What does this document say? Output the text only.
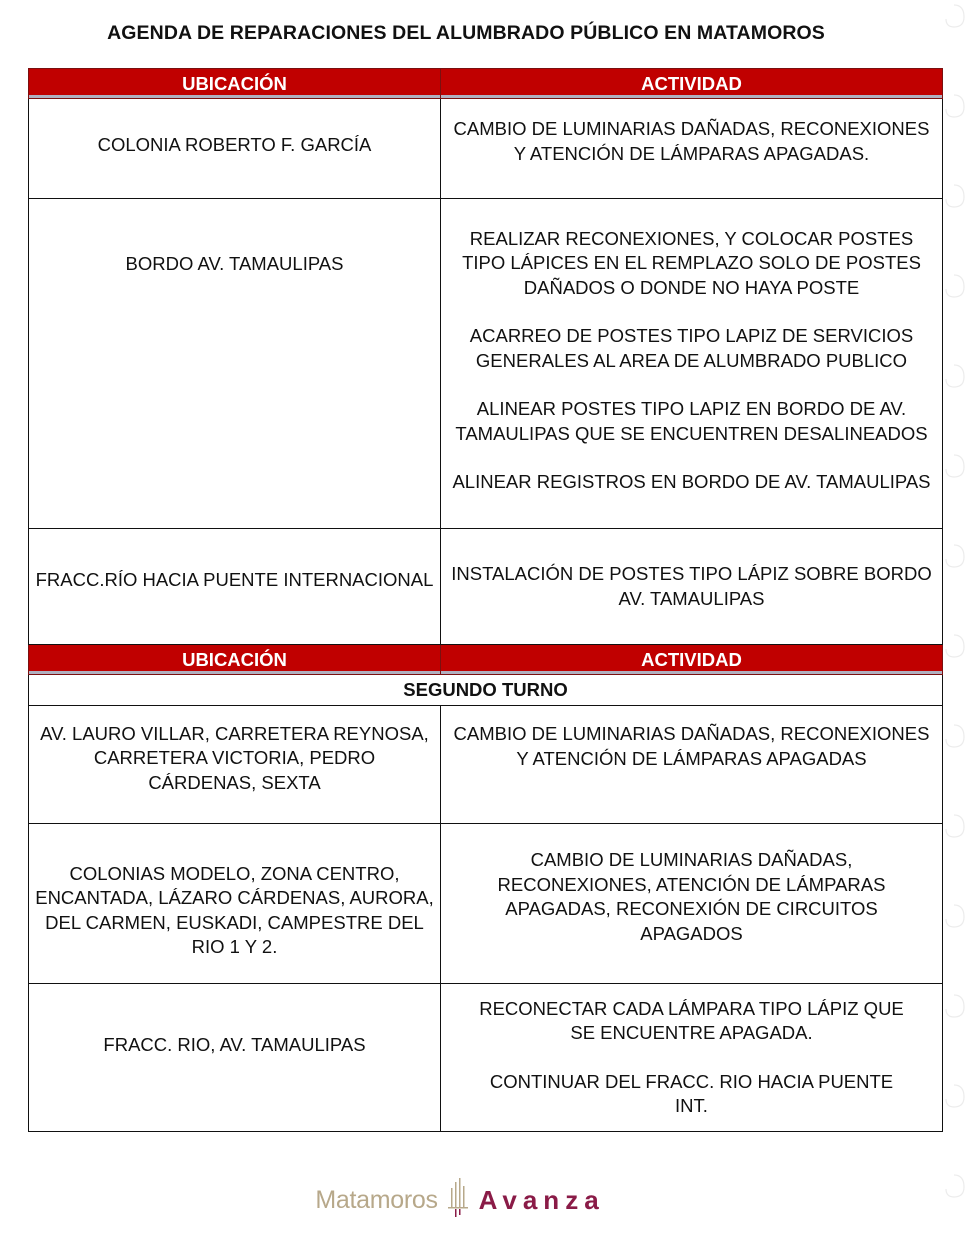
AGENDA DE REPARACIONES DEL ALUMBRADO PÚBLICO EN MATAMOROS
UBICACIÓN	ACTIVIDAD
COLONIA ROBERTO F. GARCÍA	CAMBIO DE LUMINARIAS DAÑADAS, RECONEXIONES Y ATENCIÓN DE LÁMPARAS APAGADAS.

BORDO AV. TAMAULIPAS	REALIZAR RECONEXIONES, Y COLOCAR POSTES TIPO LÁPICES EN EL REMPLAZO SOLO DE POSTES DAÑADOS O DONDE NO HAYA POSTE
ACARREO DE POSTES TIPO LAPIZ DE SERVICIOS GENERALES AL AREA DE ALUMBRADO PUBLICO
ALINEAR POSTES TIPO LAPIZ EN BORDO DE AV. TAMAULIPAS QUE SE ENCUENTREN DESALINEADOS
ALINEAR REGISTROS EN BORDO DE AV. TAMAULIPAS

FRACC.RÍO HACIA PUENTE INTERNACIONAL	INSTALACIÓN DE POSTES TIPO LÁPIZ SOBRE BORDO AV. TAMAULIPAS

UBICACIÓN	ACTIVIDAD
SEGUNDO TURNO	
AV. LAURO VILLAR, CARRETERA REYNOSA, CARRETERA VICTORIA, PEDRO CÁRDENAS, SEXTA	CAMBIO DE LUMINARIAS DAÑADAS, RECONEXIONES Y ATENCIÓN DE LÁMPARAS APAGADAS

COLONIAS MODELO, ZONA CENTRO, ENCANTADA, LÁZARO CÁRDENAS, AURORA, DEL CARMEN, EUSKADI, CAMPESTRE DEL RIO 1 Y 2.	CAMBIO DE LUMINARIAS DAÑADAS, RECONEXIONES, ATENCIÓN DE LÁMPARAS APAGADAS, RECONEXIÓN DE CIRCUITOS APAGADOS

FRACC. RIO, AV. TAMAULIPAS	RECONECTAR CADA LÁMPARA TIPO LÁPIZ QUE SE ENCUENTRE APAGADA.
CONTINUAR DEL FRACC. RIO HACIA PUENTE INT.
Matamoros Avanza
